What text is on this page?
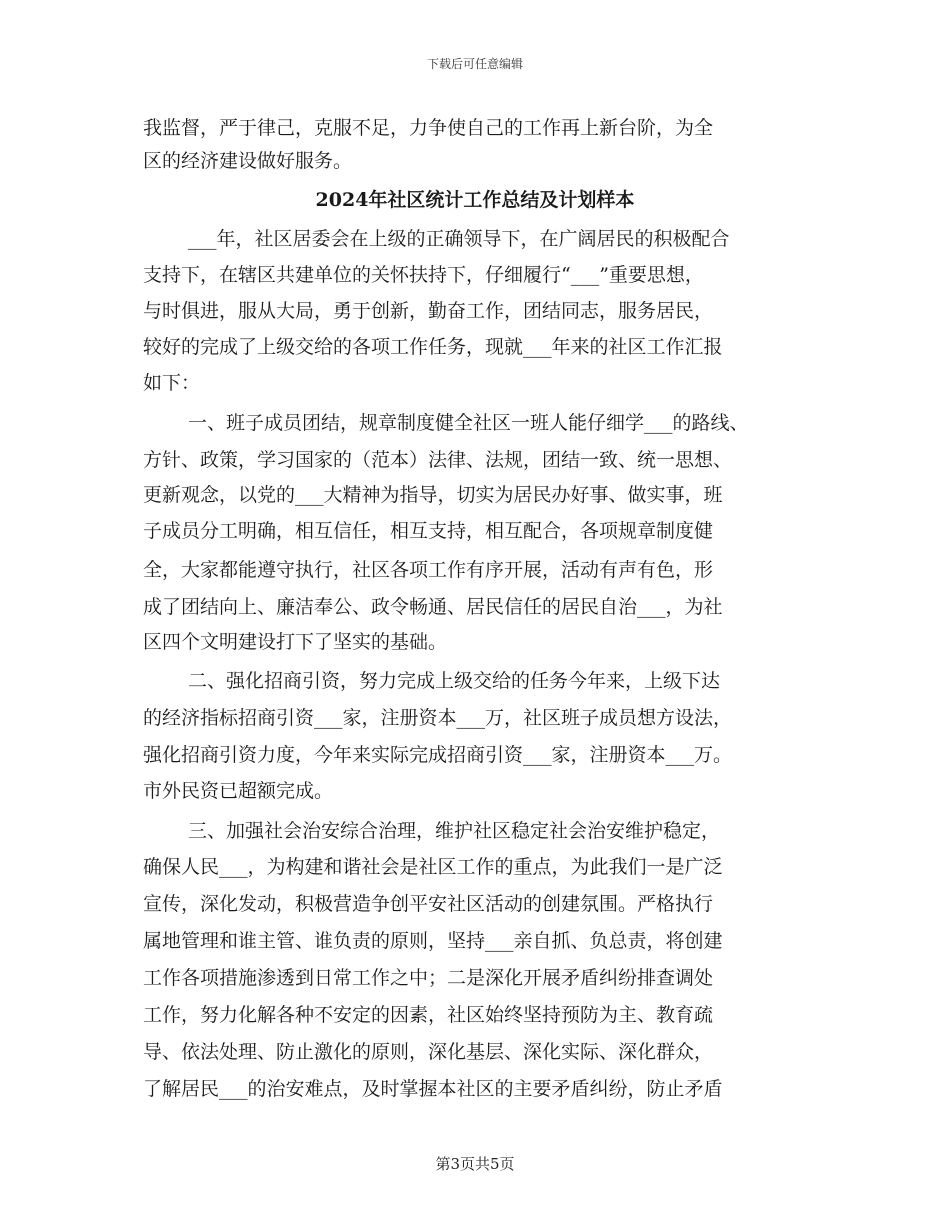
下载后可任意编辑
我监督，严于律己，克服不足，力争使自己的工作再上新台阶，为全
区的经济建设做好服务。
2024年社区统计工作总结及计划样本
___年，社区居委会在上级的正确领导下，在广阔居民的积极配合
支持下，在辖区共建单位的关怀扶持下，仔细履行“___”重要思想，
与时俱进，服从大局，勇于创新，勤奋工作，团结同志，服务居民，
较好的完成了上级交给的各项工作任务，现就___年来的社区工作汇报
如下：
一、班子成员团结，规章制度健全社区一班人能仔细学___的路线、
方针、政策，学习国家的（范本）法律、法规，团结一致、统一思想、
更新观念，以党的___大精神为指导，切实为居民办好事、做实事，班
子成员分工明确，相互信任，相互支持，相互配合，各项规章制度健
全，大家都能遵守执行，社区各项工作有序开展，活动有声有色，形
成了团结向上、廉洁奉公、政令畅通、居民信任的居民自治___，为社
区四个文明建设打下了坚实的基础。
二、强化招商引资，努力完成上级交给的任务今年来，上级下达
的经济指标招商引资___家，注册资本___万，社区班子成员想方设法，
强化招商引资力度，今年来实际完成招商引资___家，注册资本___万。
市外民资已超额完成。
三、加强社会治安综合治理，维护社区稳定社会治安维护稳定，
确保人民___，为构建和谐社会是社区工作的重点，为此我们一是广泛
宣传，深化发动，积极营造争创平安社区活动的创建氛围。严格执行
属地管理和谁主管、谁负责的原则，坚持___亲自抓、负总责，将创建
工作各项措施渗透到日常工作之中；二是深化开展矛盾纠纷排查调处
工作，努力化解各种不安定的因素，社区始终坚持预防为主、教育疏
导、依法处理、防止激化的原则，深化基层、深化实际、深化群众，
了解居民___的治安难点，及时掌握本社区的主要矛盾纠纷，防止矛盾
第3页共5页
